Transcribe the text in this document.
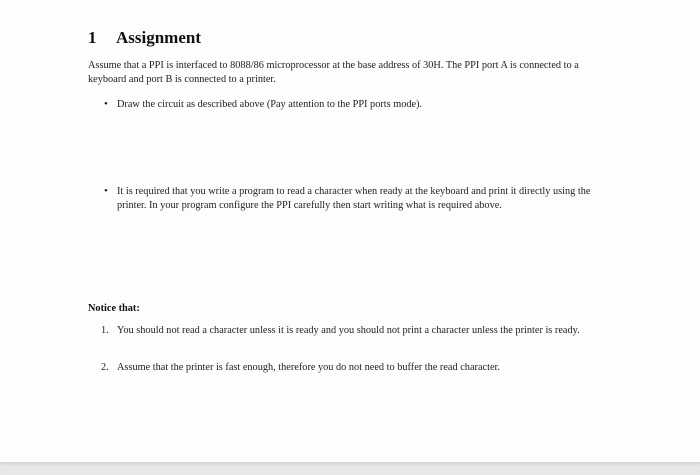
1 Assignment

Assume that a PPI is interfaced to 8088/86 microprocessor at the base address of 30H. The PPI port A is connected to a keyboard and port B is connected to a printer.

• Draw the circuit as described above (Pay attention to the PPI ports mode).
• It is required that you write a program to read a character when ready at the keyboard and print it directly using the printer. In your program configure the PPI carefully then start writing what is required above.
Notice that:
1. You should not read a character unless it is ready and you should not print a character unless the printer is ready.
2. Assume that the printer is fast enough, therefore you do not need to buffer the read character.
